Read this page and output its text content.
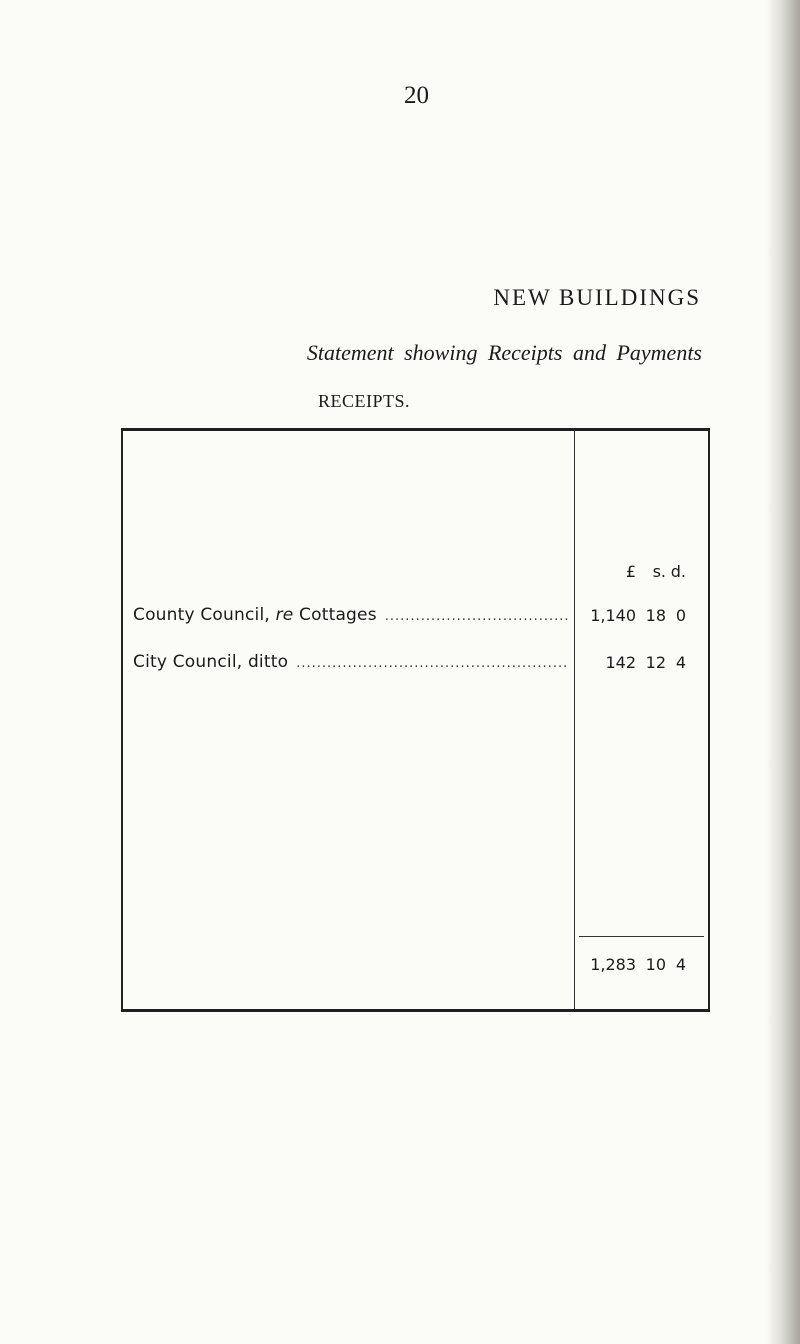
20
NEW BUILDINGS
Statement showing Receipts and Payments
RECEIPTS.
£	s. d.
County Council, re Cottages .....	1,140 18 0
City Council, ditto .....	142 12 4
1,283 10 4
